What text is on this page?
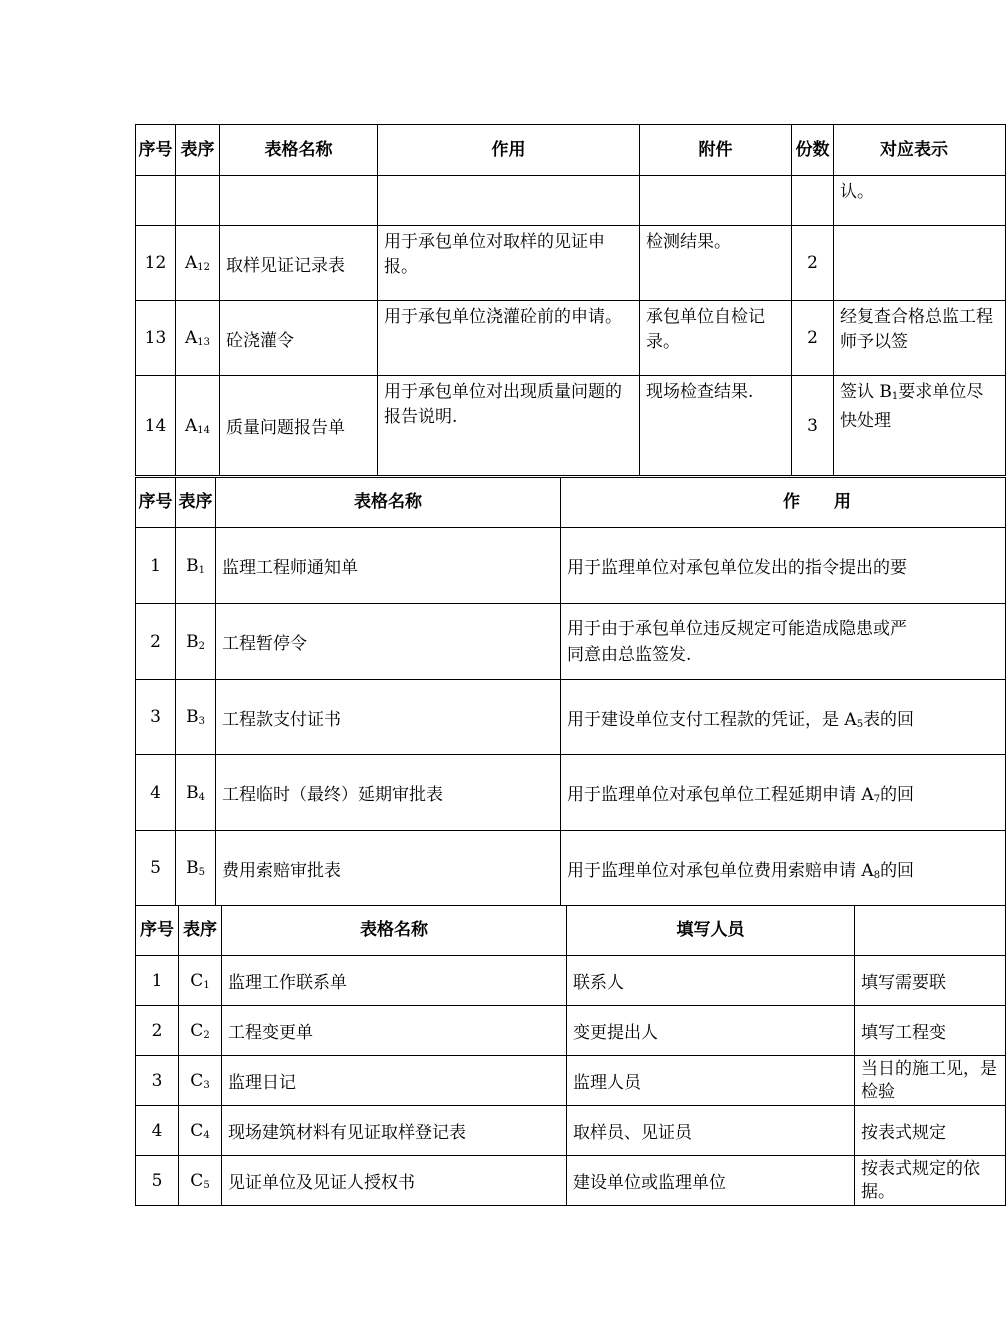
序号	表序	表格名称	作用	附件	份数	对应表示
						认。
12	$A_{12}$	取样见证记录表	用于承包单位对取样的见证申报。	检测结果。	2	
13	$A_{13}$	砼浇灌令	用于承包单位浇灌砼前的申请。	承包单位自检记录。	2	经复查合格总监工程师予以签
14	$A_{14}$	质量问题报告单	用于承包单位对出现质量问题的报告说明.	现场检查结果.	3	签认 $B_1$要求单位尽快处理
序号	表序	表格名称	作　　用
1	$B_1$	监理工程师通知单	用于监理单位对承包单位发出的指令提出的要
2	$B_2$	工程暂停令	用于由于承包单位违反规定可能造成隐患或严
同意由总监签发.
3	$B_3$	工程款支付证书	用于建设单位支付工程款的凭证，是 $A_5$表的回
4	$B_4$	工程临时（最终）延期审批表	用于监理单位对承包单位工程延期申请 $A_7$的回
5	$B_5$	费用索赔审批表	用于监理单位对承包单位费用索赔申请 $A_8$的回
序号	表序	表格名称	填写人员	
1	$C_1$	监理工作联系单	联系人	填写需要联
2	$C_2$	工程变更单	变更提出人	填写工程变
3	$C_3$	监理日记	监理人员	当日的施工见，是检验
4	$C_4$	现场建筑材料有见证取样登记表	取样员、见证员	按表式规定
5	$C_5$	见证单位及见证人授权书	建设单位或监理单位	按表式规定的依据。
